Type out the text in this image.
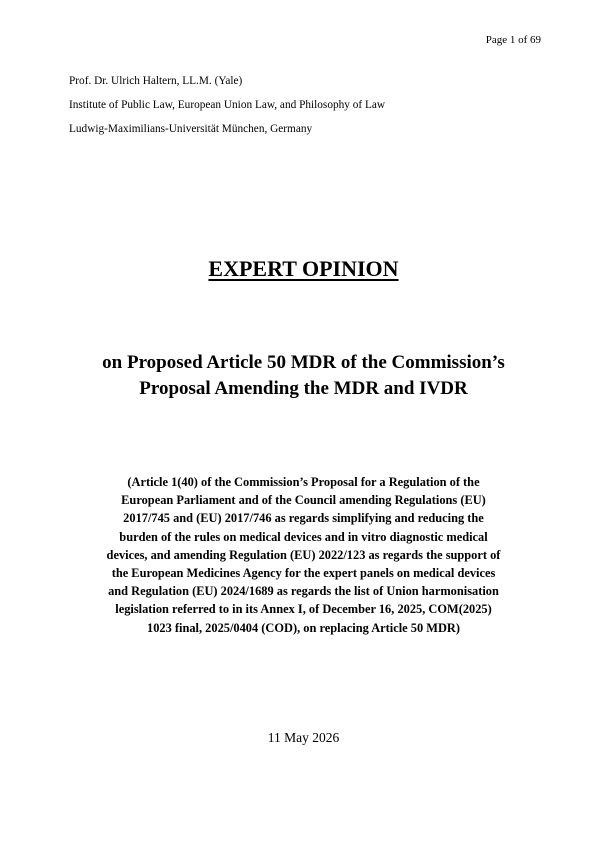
Page 1 of 69
Prof. Dr. Ulrich Haltern, LL.M. (Yale)
Institute of Public Law, European Union Law, and Philosophy of Law
Ludwig-Maximilians-Universität München, Germany
EXPERT OPINION
on Proposed Article 50 MDR of the Commission’s
Proposal Amending the MDR and IVDR
(Article 1(40) of the Commission’s Proposal for a Regulation of the
European Parliament and of the Council amending Regulations (EU)
2017/745 and (EU) 2017/746 as regards simplifying and reducing the
burden of the rules on medical devices and in vitro diagnostic medical
devices, and amending Regulation (EU) 2022/123 as regards the support of
the European Medicines Agency for the expert panels on medical devices
and Regulation (EU) 2024/1689 as regards the list of Union harmonisation
legislation referred to in its Annex I, of December 16, 2025, COM(2025)
1023 final, 2025/0404 (COD), on replacing Article 50 MDR)
11 May 2026
